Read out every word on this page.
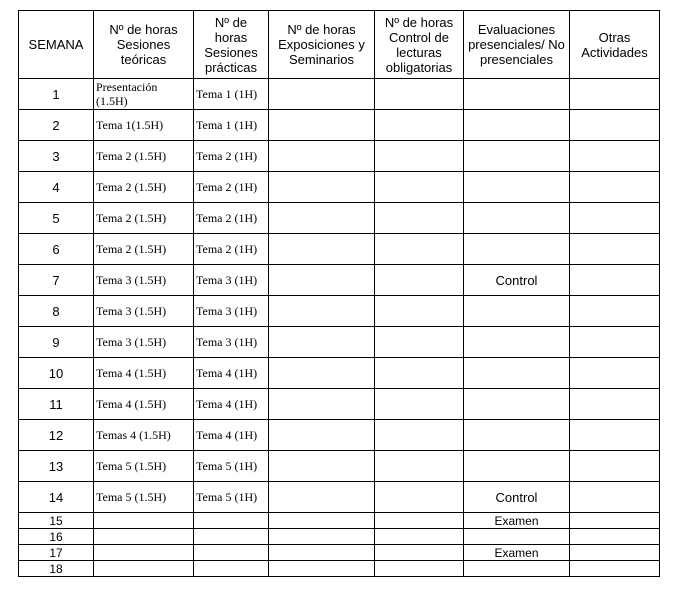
SEMANA	Nº de horas Sesiones teóricas	Nº de horas Sesiones prácticas	Nº de horas Exposiciones y Seminarios	Nº de horas Control de lecturas obligatorias	Evaluaciones presenciales/ No presenciales	Otras Actividades
1	Presentación (1.5H)	Tema 1 (1H)				
2	Tema 1(1.5H)	Tema 1 (1H)				
3	Tema 2 (1.5H)	Tema 2 (1H)				
4	Tema 2 (1.5H)	Tema 2 (1H)				
5	Tema 2 (1.5H)	Tema 2 (1H)				
6	Tema 2 (1.5H)	Tema 2 (1H)				
7	Tema 3 (1.5H)	Tema 3 (1H)			Control	
8	Tema 3 (1.5H)	Tema 3 (1H)				
9	Tema 3 (1.5H)	Tema 3 (1H)				
10	Tema 4 (1.5H)	Tema 4 (1H)				
11	Tema 4 (1.5H)	Tema 4 (1H)				
12	Temas 4 (1.5H)	Tema 4 (1H)				
13	Tema 5 (1.5H)	Tema 5 (1H)				
14	Tema 5 (1.5H)	Tema 5 (1H)			Control	
15					Examen	
16						
17					Examen	
18						
